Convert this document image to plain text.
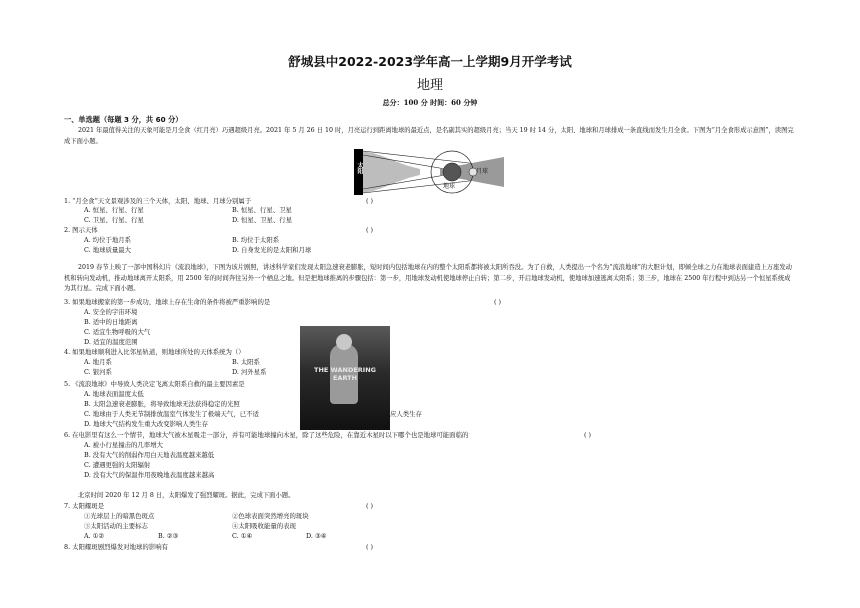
舒城县中2022-2023学年高一上学期9月开学考试
地理
总分：100 分 时间：60 分钟
一、单选题（每题 3 分，共 60 分）
2021 年最值得关注的天象可能是月全食（红月亮）巧遇超级月亮。2021 年 5 月 26 日 10 时，月亮运行到距离地球的最近点，是名副其实的超级月亮；当天 19 时 14 分，太阳、地球和月球排成一条直线而发生月全食。下图为“月全食形成示意图”，读图完成下面小题。
太阳
地球
月球
1. “月全食”天文景观涉及的三个天体，太阳、地球、月球分别属于	( )
A. 恒星、行星、行星	B. 恒星、行星、卫星
C. 卫星、行星、行星	D. 恒星、卫星、行星
2. 图示天体	( )
A. 均位于地月系	B. 均位于太阳系
C. 地球质量最大	D. 自身发光的是太阳和月球
2019 春节上映了一部中国科幻片《流浪地球》，下图为该片剧照，讲述科学家们发现太阳急速衰老膨胀，短时间内包括地球在内的整个太阳系都将被太阳所吞没。为了自救，人类提出一个名为“流浪地球”的大胆计划，即倾全球之力在地球表面建造上万座发动机和转向发动机，推动地球离开太阳系，用 2500 年的时间奔往另外一个栖息之地。但是把地球推离的步骤包括：第一步，用地球发动机使地球停止自转；第二步，开启地球发动机，使地球加速逃离太阳系；第三步，地球在 2500 年行程中到达另一个恒星系统成为其行星。完成下面小题。
THE WANDERING EARTH
3. 如果地球搬家的第一步成功，地球上存在生命的条件将被严重影响的是	( )
A. 安全的宇宙环境
B. 适中的日地距离
C. 适宜生物呼吸的大气
D. 适宜的温度范围
4. 如果地球顺利进入比邻星轨道，则地球所处的天体系统为（）
A. 地月系	B. 太阳系
C. 银河系	D. 河外星系
5. 《流浪地球》中导致人类决定飞离太阳系自救的最主要因素是
A. 地球表面温度太低
B. 太阳急速衰老膨胀，将导致地球无法获得稳定的光照
C. 地球由于人类无节制排放温室气体发生了极端天气，已不适	应人类生存
D. 地球大气结构发生重大改变影响人类生存
6. 在电影里有这么一个情节，地球大气被木星吸走一部分，并有可能地球撞向木星，除了这些危险，在靠近木星时以下哪个也是地球可能面临的	( )
A. 被小行星撞击的几率增大
B. 没有大气的削弱作用白天地表温度越来越低
C. 遭遇更强的太阳辐射
D. 没有大气的保温作用夜晚地表温度越来越高
北京时间 2020 年 12 月 8 日，太阳爆发了强烈耀斑。据此，完成下面小题。
7. 太阳耀斑是	( )
①光球层上的暗黑色斑点	②色球表面突然增亮的斑块
③太阳活动的主要标志	④太阳吸收能量的表现
A. ①②	B. ②③	C. ①④	D. ③④
8. 太阳耀斑剧烈爆发对地球的影响有	( )
